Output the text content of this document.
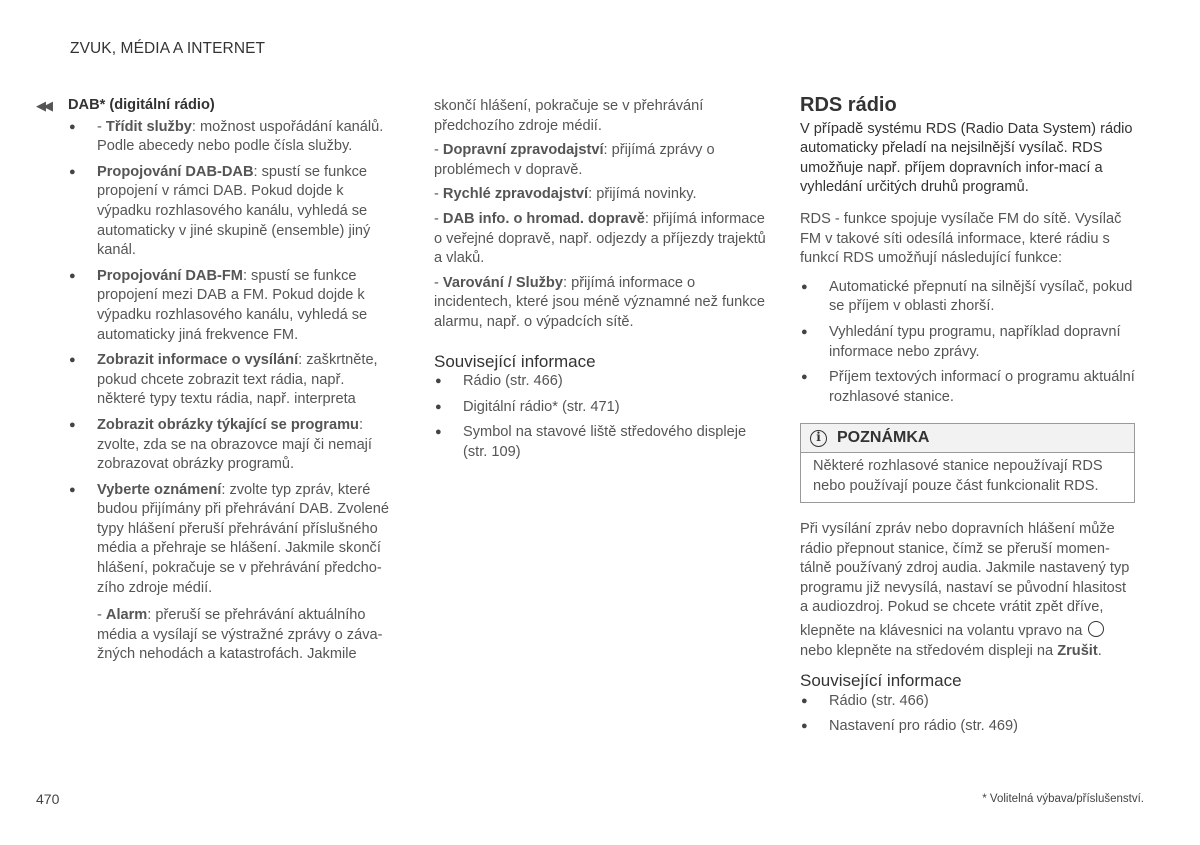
ZVUK, MÉDIA A INTERNET
◀◀	DAB* (digitální rádio)
● - Třídit služby: možnost uspořádání kanálů. Podle abecedy nebo podle čísla služby.
● Propojování DAB-DAB: spustí se funkce propojení v rámci DAB. Pokud dojde k výpadku rozhlasového kanálu, vyhledá se automaticky v jiné skupině (ensemble) jiný kanál.
● Propojování DAB-FM: spustí se funkce propojení mezi DAB a FM. Pokud dojde k výpadku rozhlasového kanálu, vyhledá se automaticky jiná frekvence FM.
● Zobrazit informace o vysílání: zaškrtněte, pokud chcete zobrazit text rádia, např. některé typy textu rádia, např. interpreta
● Zobrazit obrázky týkající se programu: zvolte, zda se na obrazovce mají či nemají zobrazovat obrázky programů.
● Vyberte oznámení: zvolte typ zpráv, které budou přijímány při přehrávání DAB. Zvolené typy hlášení přeruší přehrávání příslušného média a přehraje se hlášení. Jakmile skončí hlášení, pokračuje se v přehrávání předcho-zího zdroje médií.
- Alarm: přeruší se přehrávání aktuálního média a vysílají se výstražné zprávy o záva-žných nehodách a katastrofách. Jakmile

skončí hlášení, pokračuje se v přehrávání předchozího zdroje médií.

- Dopravní zpravodajství: přijímá zprávy o problémech v dopravě.

- Rychlé zpravodajství: přijímá novinky.

- DAB info. o hromad. dopravě: přijímá informace o veřejné dopravě, např. odjezdy a příjezdy trajektů a vlaků.

- Varování / Služby: přijímá informace o incidentech, které jsou méně významné než funkce alarmu, např. o výpadcích sítě.

Související informace
● Rádio (str. 466)
● Digitální rádio* (str. 471)
● Symbol na stavové liště středového displeje (str. 109)
RDS rádio

V případě systému RDS (Radio Data System) rádio automaticky přeladí na nejsilnější vysílač. RDS umožňuje např. příjem dopravních infor-mací a vyhledání určitých druhů programů.

RDS - funkce spojuje vysílače FM do sítě. Vysílač FM v takové síti odesílá informace, které rádiu s funkcí RDS umožňují následující funkce:

● Automatické přepnutí na silnější vysílač, pokud se příjem v oblasti zhorší.
● Vyhledání typu programu, například dopravní informace nebo zprávy.
● Příjem textových informací o programu aktuální rozhlasové stanice.
i	POZNÁMKA
Některé rozhlasové stanice nepoužívají RDS nebo používají pouze část funkcionalit RDS.

Při vysílání zpráv nebo dopravních hlášení může rádio přepnout stanice, čímž se přeruší momen-tálně používaný zdroj audia. Jakmile nastavený typ programu již nevysílá, nastaví se původní hlasitost a audiozdroj. Pokud se chcete vrátit zpět dříve,

klepněte na klávesnici na volantu vpravo na
nebo klepněte na středovém displeji na Zrušit.

Související informace
● Rádio (str. 466)
● Nastavení pro rádio (str. 469)
470	* Volitelná výbava/příslušenství.
